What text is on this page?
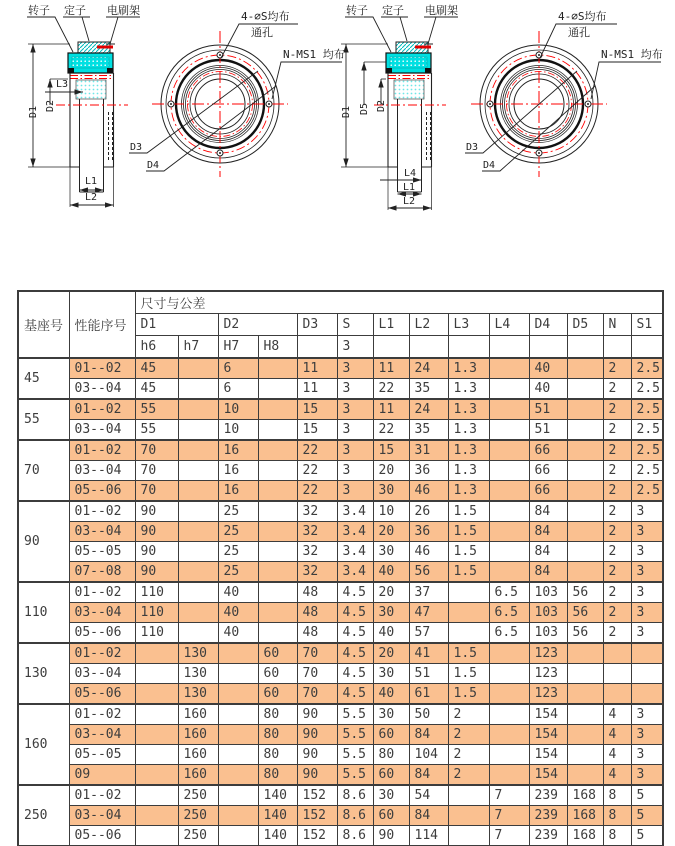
转子 定子 电刷架
D1 D2
L3
L1
L2
4-∅S均布
通孔
N-MS1 均布
D3
D4
转子 定子 电刷架
D1 D5 D2
L4
L1
L2
4-∅S均布
通孔
N-MS1 均布
D3
D4
基座号	性能序号	尺寸与公差													
		D1		D2		D3	S	L1	L2	L3	L4	D4	D5	N	S1
		h6	h7	H7	H8		3								
45	01--02	45		6		11	3	11	24	1.3		40		2	2.5
	03--04	45		6		11	3	22	35	1.3		40		2	2.5
55	01--02	55		10		15	3	11	24	1.3		51		2	2.5
	03--04	55		10		15	3	22	35	1.3		51		2	2.5
70	01--02	70		16		22	3	15	31	1.3		66		2	2.5
	03--04	70		16		22	3	20	36	1.3		66		2	2.5
	05--06	70		16		22	3	30	46	1.3		66		2	2.5
90	01--02	90		25		32	3.4	10	26	1.5		84		2	3
	03--04	90		25		32	3.4	20	36	1.5		84		2	3
	05--05	90		25		32	3.4	30	46	1.5		84		2	3
	07--08	90		25		32	3.4	40	56	1.5		84		2	3
110	01--02	110		40		48	4.5	20	37		6.5	103	56	2	3
	03--04	110		40		48	4.5	30	47		6.5	103	56	2	3
	05--06	110		40		48	4.5	40	57		6.5	103	56	2	3
130	01--02		130		60	70	4.5	20	41	1.5		123			
	03--04		130		60	70	4.5	30	51	1.5		123			
	05--06		130		60	70	4.5	40	61	1.5		123			
160	01--02		160		80	90	5.5	30	50	2		154		4	3
	03--04		160		80	90	5.5	60	84	2		154		4	3
	05--05		160		80	90	5.5	80	104	2		154		4	3
	09		160		80	90	5.5	60	84	2		154		4	3
250	01--02		250		140	152	8.6	30	54		7	239	168	8	5
	03--04		250		140	152	8.6	60	84		7	239	168	8	5
	05--06		250		140	152	8.6	90	114		7	239	168	8	5
